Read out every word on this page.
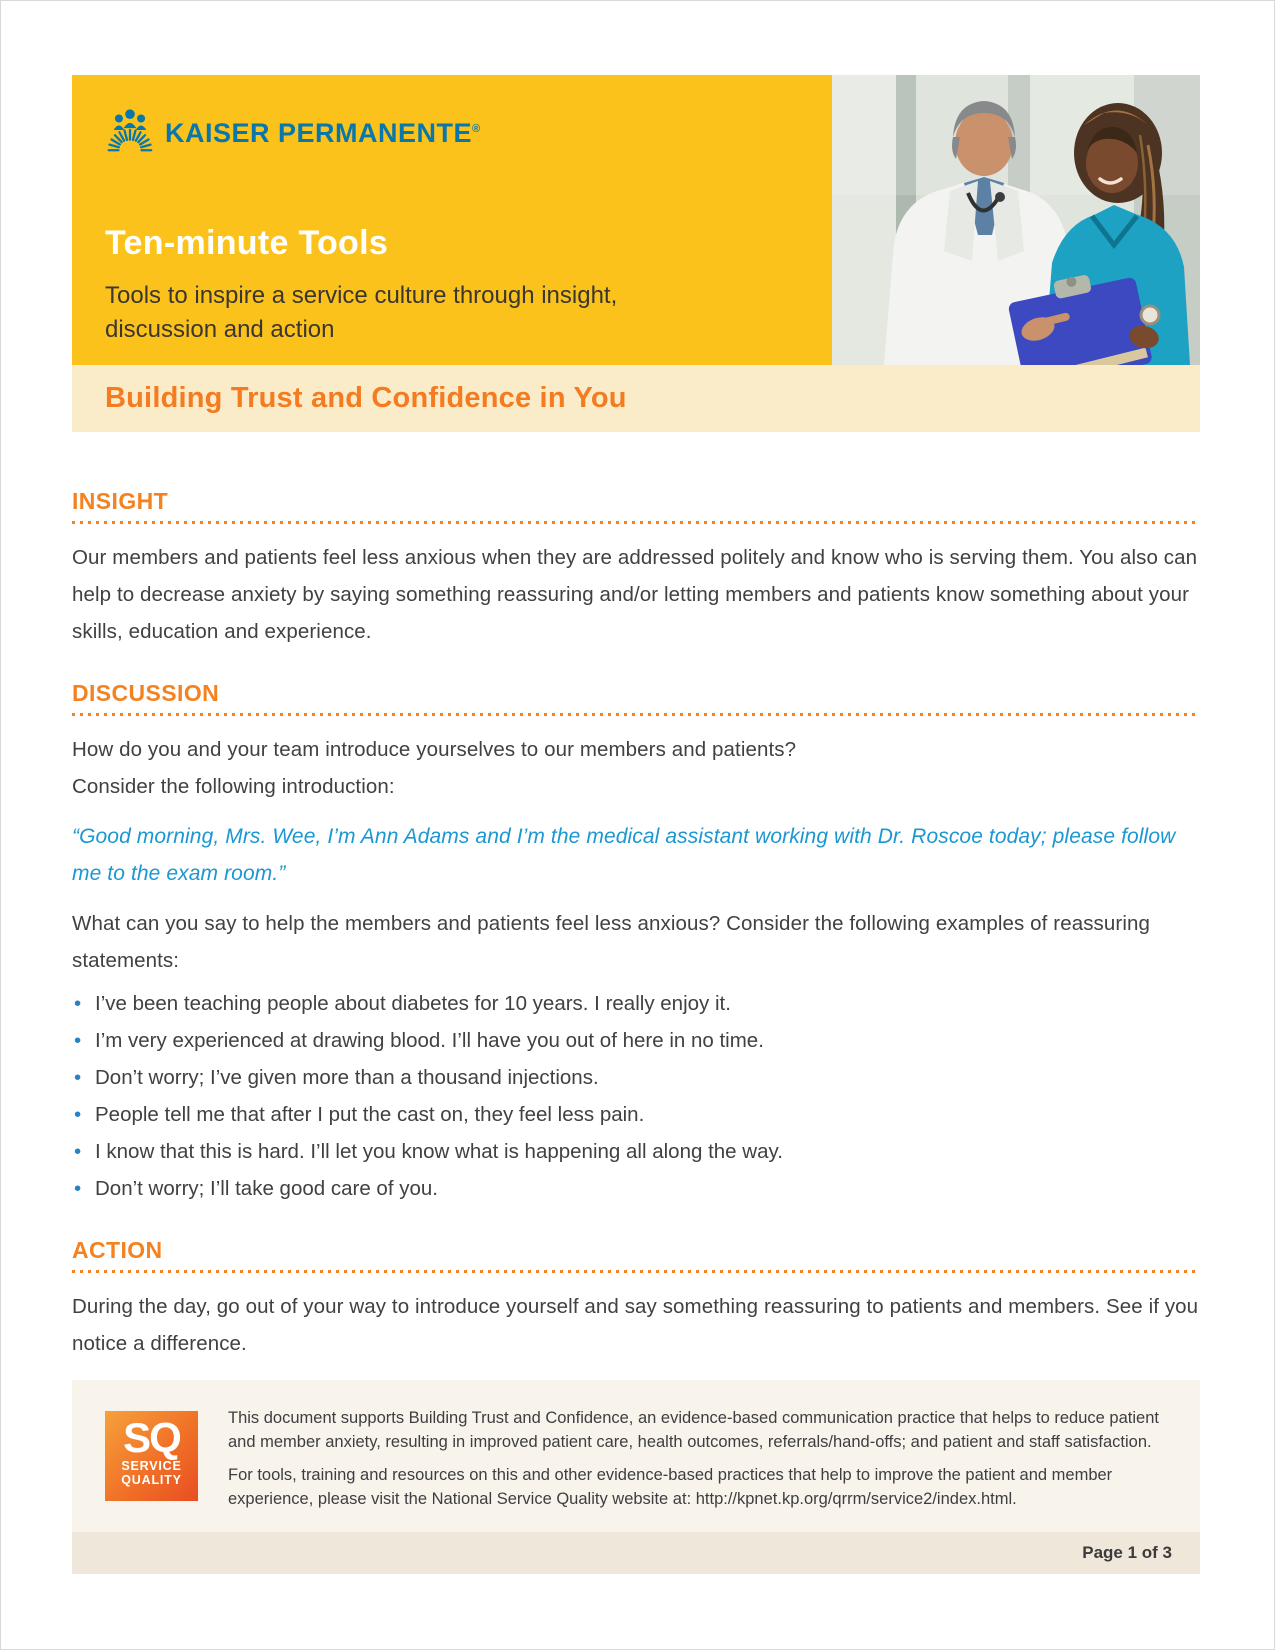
KAISER PERMANENTE®
Ten-minute Tools
Tools to inspire a service culture through insight, discussion and action
Building Trust and Confidence in You
INSIGHT

Our members and patients feel less anxious when they are addressed politely and know who is serving them. You also can help to decrease anxiety by saying something reassuring and/or letting members and patients know something about your skills, education and experience.

DISCUSSION

How do you and your team introduce yourselves to our members and patients?

Consider the following introduction:

“Good morning, Mrs. Wee, I’m Ann Adams and I’m the medical assistant working with Dr. Roscoe today; please follow me to the exam room.”

What can you say to help the members and patients feel less anxious? Consider the following examples of reassuring statements:

• I’ve been teaching people about diabetes for 10 years. I really enjoy it.
• I’m very experienced at drawing blood. I’ll have you out of here in no time.
• Don’t worry; I’ve given more than a thousand injections.
• People tell me that after I put the cast on, they feel less pain.
• I know that this is hard. I’ll let you know what is happening all along the way.
• Don’t worry; I’ll take good care of you.
ACTION

During the day, go out of your way to introduce yourself and say something reassuring to patients and members. See if you notice a difference.

SQ
SERVICE
QUALITY

This document supports Building Trust and Confidence, an evidence-based communication practice that helps to reduce patient and member anxiety, resulting in improved patient care, health outcomes, referrals/hand-offs; and patient and staff satisfaction.

For tools, training and resources on this and other evidence-based practices that help to improve the patient and member experience, please visit the National Service Quality website at: http://kpnet.kp.org/qrrm/service2/index.html.

Page 1 of 3
